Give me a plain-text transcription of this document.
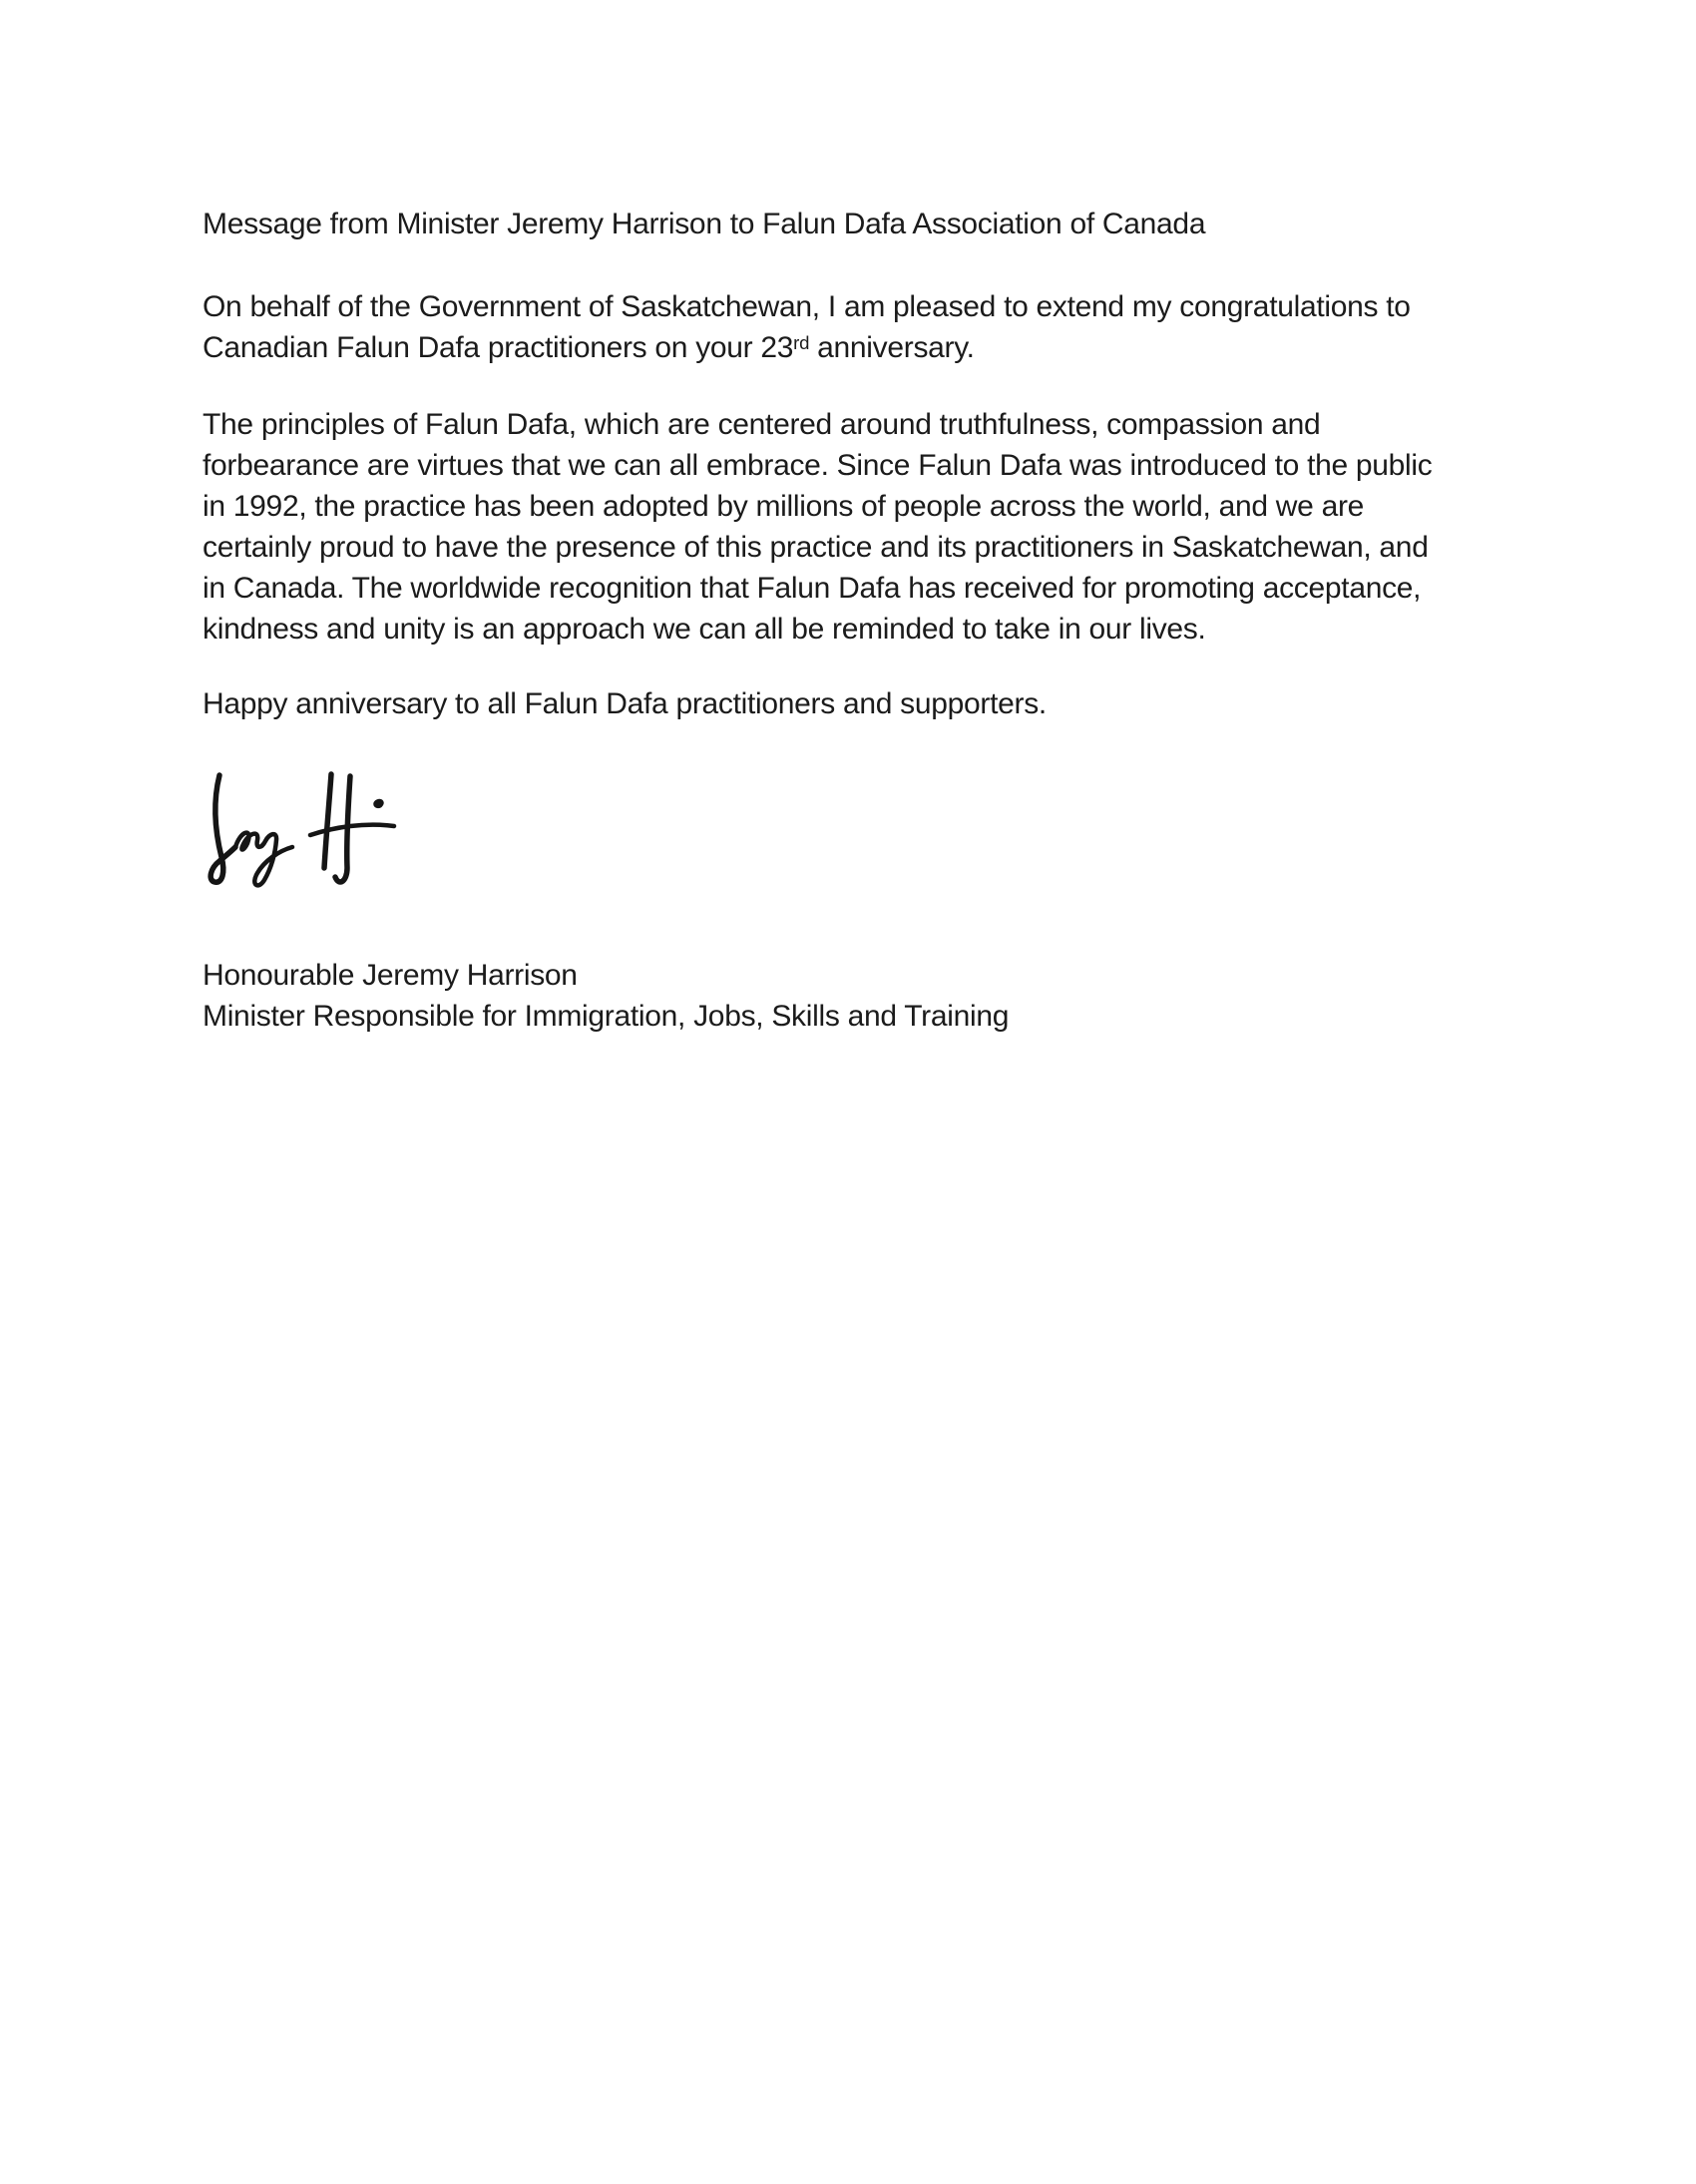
Message from Minister Jeremy Harrison to Falun Dafa Association of Canada

On behalf of the Government of Saskatchewan, I am pleased to extend my congratulations to
Canadian Falun Dafa practitioners on your 23rd anniversary.
The principles of Falun Dafa, which are centered around truthfulness, compassion and
forbearance are virtues that we can all embrace. Since Falun Dafa was introduced to the public
in 1992, the practice has been adopted by millions of people across the world, and we are
certainly proud to have the presence of this practice and its practitioners in Saskatchewan, and
in Canada. The worldwide recognition that Falun Dafa has received for promoting acceptance,
kindness and unity is an approach we can all be reminded to take in our lives.

Happy anniversary to all Falun Dafa practitioners and supporters.

Honourable Jeremy Harrison

Minister Responsible for Immigration, Jobs, Skills and Training
